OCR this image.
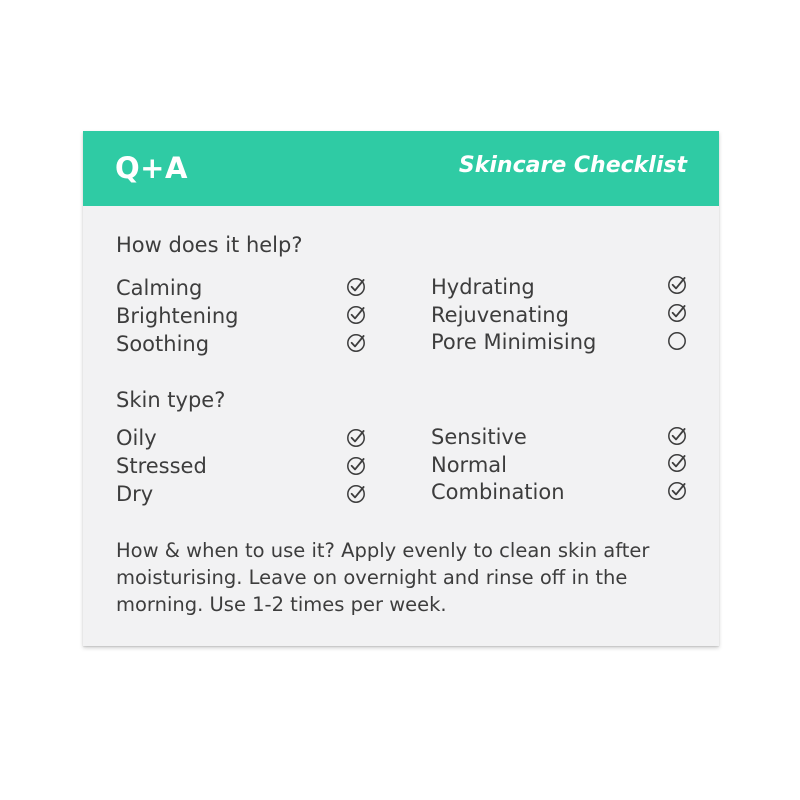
Q+A	Skincare Checklist
How does it help?
Calming
Brightening
Soothing
Hydrating
Rejuvenating
Pore Minimising
Skin type?
Oily
Stressed
Dry
Sensitive
Normal
Combination
How & when to use it? Apply evenly to clean skin after moisturising. Leave on overnight and rinse off in the morning. Use 1-2 times per week.
